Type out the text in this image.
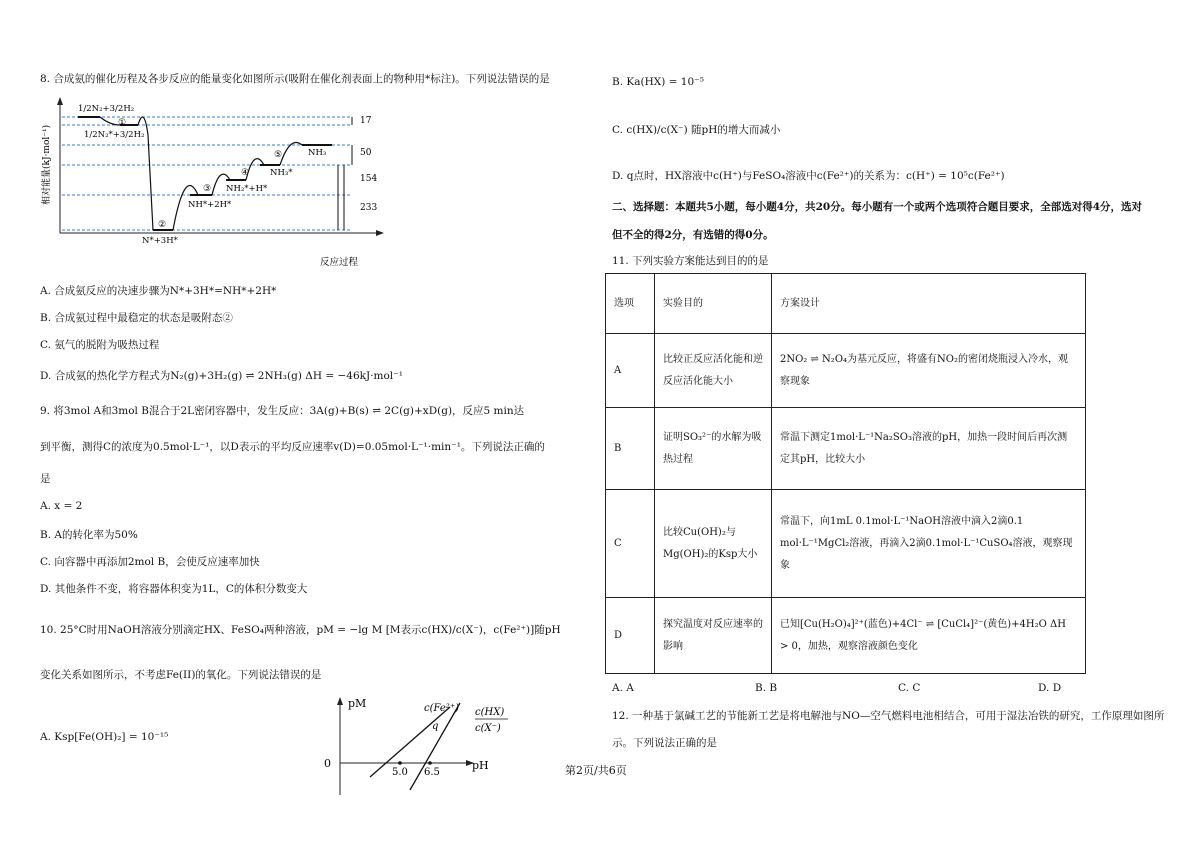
8. 合成氨的催化历程及各步反应的能量变化如图所示(吸附在催化剂表面上的物种用*标注)。下列说法错误的是
相对能量(kJ·mol⁻¹)
反应过程
17
50
154
233
1/2N₂+3/2H₂
1/2N₂*+3/2H₂
N*+3H*
NH*+2H*
NH₂*+H*
NH₃*
NH₃
①
②
③
④
⑤
A. 合成氨反应的决速步骤为N*+3H*=NH*+2H*
B. 合成氨过程中最稳定的状态是吸附态②
C. 氨气的脱附为吸热过程
D. 合成氨的热化学方程式为N₂(g)+3H₂(g) ⇌ 2NH₃(g) ΔH = −46kJ·mol⁻¹
9. 将3mol A和3mol B混合于2L密闭容器中，发生反应：3A(g)+B(s) ⇌ 2C(g)+xD(g)，反应5 min达
到平衡，测得C的浓度为0.5mol·L⁻¹，以D表示的平均反应速率v(D)=0.05mol·L⁻¹·min⁻¹。下列说法正确的
是
A. x = 2
B. A的转化率为50%
C. 向容器中再添加2mol B，会使反应速率加快
D. 其他条件不变，将容器体积变为1L，C的体积分数变大
10. 25°C时用NaOH溶液分别滴定HX、FeSO₄两种溶液，pM = −lg M [M表示c(HX)/c(X⁻)，c(Fe²⁺)]随pH
变化关系如图所示，不考虑Fe(II)的氧化。下列说法错误的是
A. Ksp[Fe(OH)₂] = 10⁻¹⁵
pM
pH
0
5.0 6.5
q
c(Fe²⁺) c(HX)
c(X⁻)
B. Ka(HX) = 10⁻⁵
C. c(HX)/c(X⁻) 随pH的增大而减小
D. q点时，HX溶液中c(H⁺)与FeSO₄溶液中c(Fe²⁺)的关系为：c(H⁺) = 10⁵c(Fe²⁺)
二、选择题：本题共5小题，每小题4分，共20分。每小题有一个或两个选项符合题目要求，全部选对得4分，选对
但不全的得2分，有选错的得0分。
11. 下列实验方案能达到目的的是
选项	实验目的	方案设计
A	比较正反应活化能和逆反应活化能大小	2NO₂ ⇌ N₂O₄为基元反应，将盛有NO₂的密闭烧瓶浸入冷水，观察现象
B	证明SO₃²⁻的水解为吸热过程	常温下测定1mol·L⁻¹Na₂SO₃溶液的pH，加热一段时间后再次测定其pH，比较大小
C	比较Cu(OH)₂与Mg(OH)₂的Ksp大小	常温下，向1mL 0.1mol·L⁻¹NaOH溶液中滴入2滴0.1 mol·L⁻¹MgCl₂溶液，再滴入2滴0.1mol·L⁻¹CuSO₄溶液，观察现象
D	探究温度对反应速率的影响	已知[Cu(H₂O)₄]²⁺(蓝色)+4Cl⁻ ⇌ [CuCl₄]²⁻(黄色)+4H₂O ΔH > 0，加热，观察溶液颜色变化
A. A	B. B	C. C	D. D
12. 一种基于氯碱工艺的节能新工艺是将电解池与NO—空气燃料电池相结合，可用于湿法冶铁的研究，工作原理如图所
示。下列说法正确的是
第2页/共6页
